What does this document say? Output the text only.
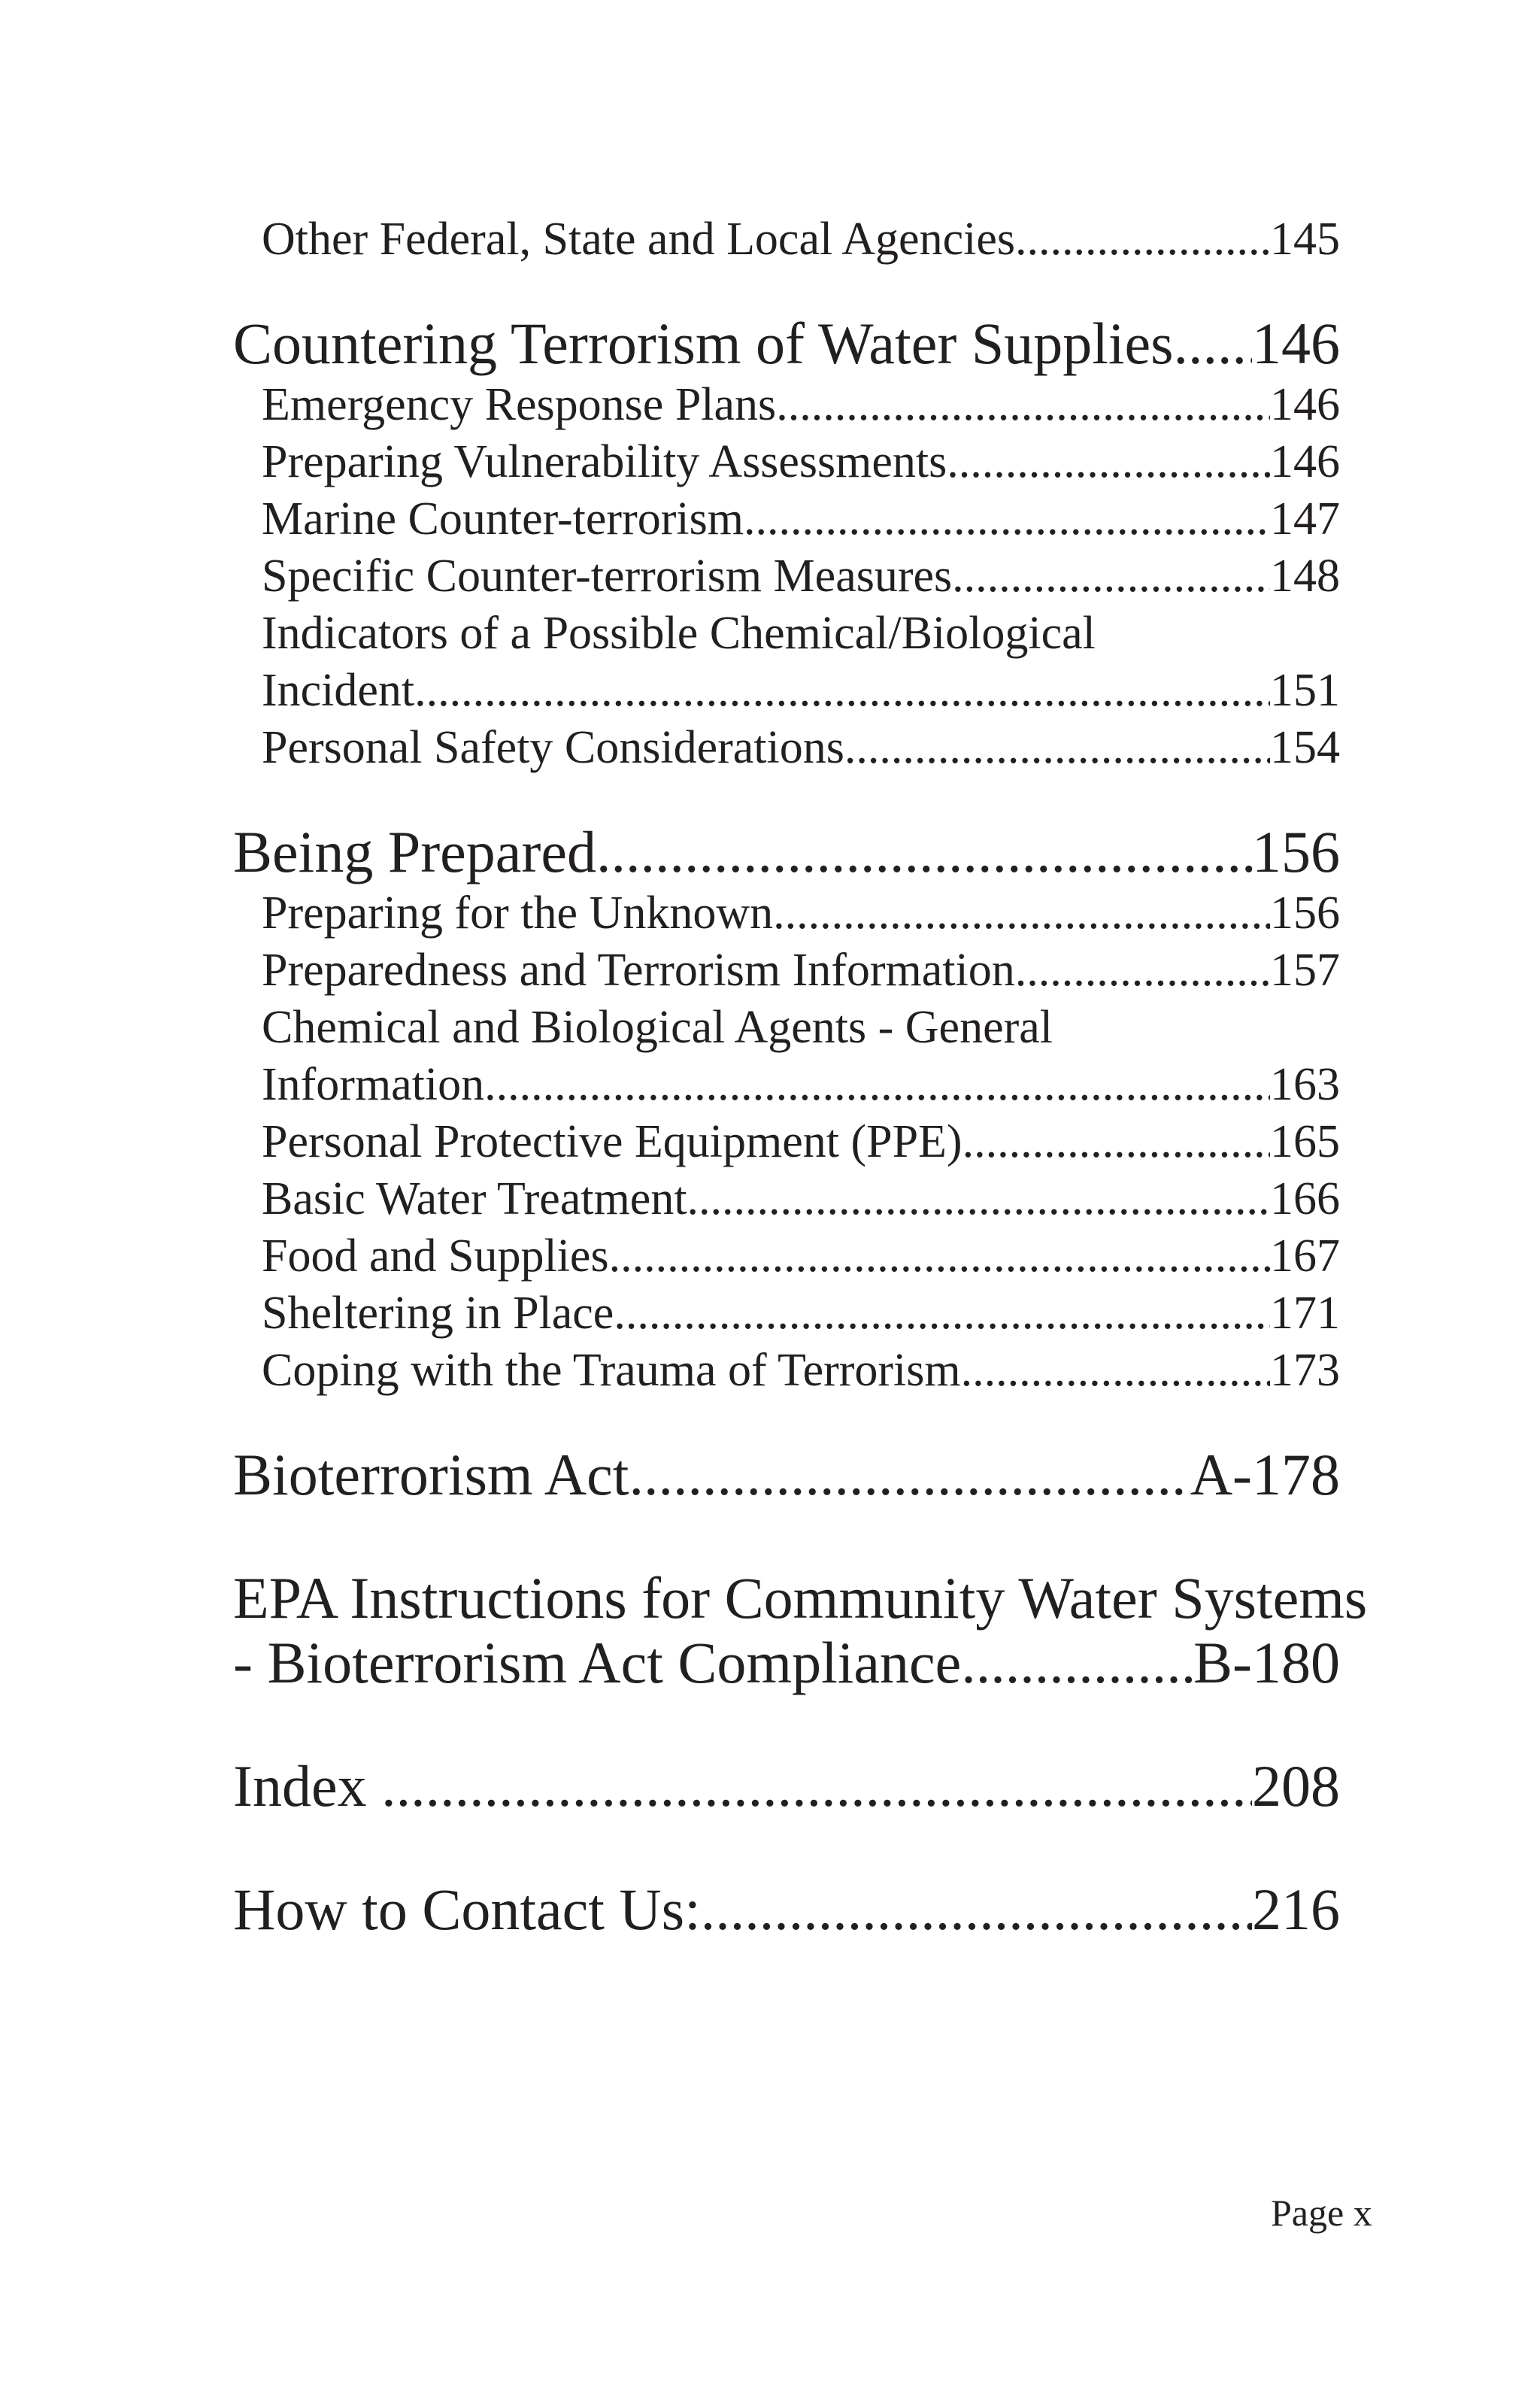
Other Federal, State and Local Agencies .....	145
Countering Terrorism of Water Supplies ..... 146
Emergency Response Plans .....	146
Preparing Vulnerability Assessments .....	146
Marine Counter-terrorism .....	147
Specific Counter-terrorism Measures .....	148
Indicators of a Possible Chemical/Biological
Incident .....	151
Personal Safety Considerations .....	154
Being Prepared .....	156
Preparing for the Unknown .....	156
Preparedness and Terrorism Information .....	157
Chemical and Biological Agents - General
Information .....	163
Personal Protective Equipment (PPE) .....	165
Basic Water Treatment .....	166
Food and Supplies .....	167
Sheltering in Place .....	171
Coping with the Trauma of Terrorism .....	173
Bioterrorism Act .....	A-178
EPA Instructions for Community Water Systems
- Bioterrorism Act Compliance .....	B-180
Index .....	208
How to Contact Us: .....	216
Page x
